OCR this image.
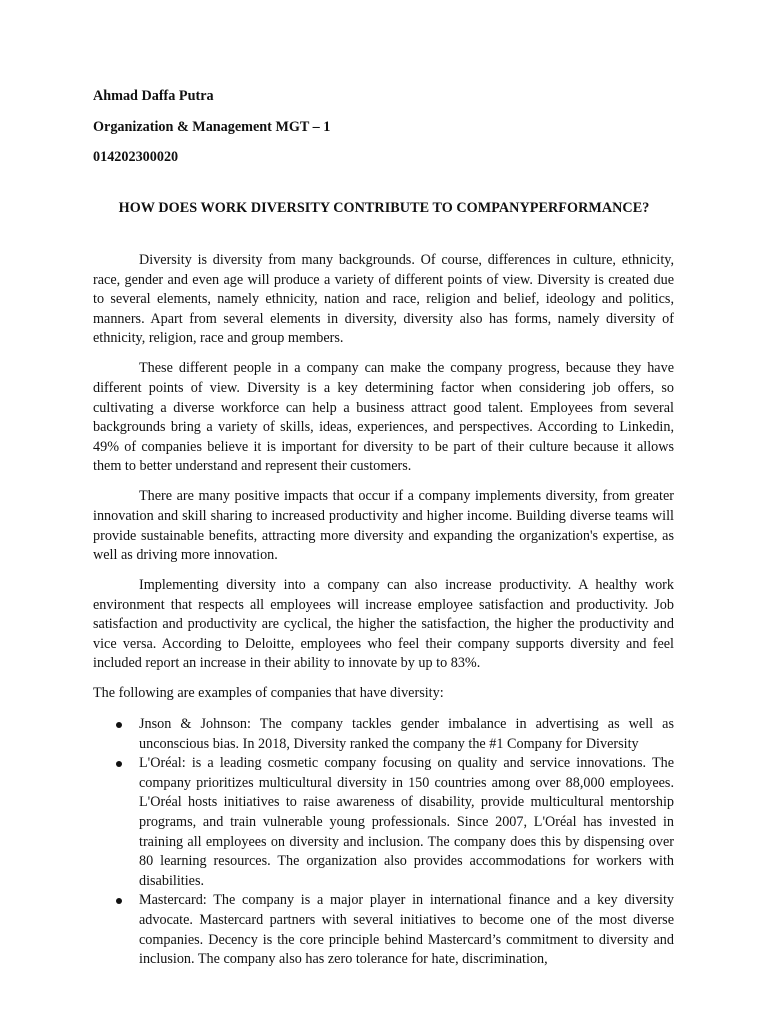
Ahmad Daffa Putra

Organization & Management MGT – 1

014202300020

HOW DOES WORK DIVERSITY CONTRIBUTE TO COMPANYPERFORMANCE?

Diversity is diversity from many backgrounds. Of course, differences in culture, ethnicity, race, gender and even age will produce a variety of different points of view. Diversity is created due to several elements, namely ethnicity, nation and race, religion and belief, ideology and politics, manners. Apart from several elements in diversity, diversity also has forms, namely diversity of ethnicity, religion, race and group members.

These different people in a company can make the company progress, because they have different points of view. Diversity is a key determining factor when considering job offers, so cultivating a diverse workforce can help a business attract good talent. Employees from several backgrounds bring a variety of skills, ideas, experiences, and perspectives. According to Linkedin, 49% of companies believe it is important for diversity to be part of their culture because it allows them to better understand and represent their customers.

There are many positive impacts that occur if a company implements diversity, from greater innovation and skill sharing to increased productivity and higher income. Building diverse teams will provide sustainable benefits, attracting more diversity and expanding the organization's expertise, as well as driving more innovation.

Implementing diversity into a company can also increase productivity. A healthy work environment that respects all employees will increase employee satisfaction and productivity. Job satisfaction and productivity are cyclical, the higher the satisfaction, the higher the productivity and vice versa. According to Deloitte, employees who feel their company supports diversity and feel included report an increase in their ability to innovate by up to 83%.

The following are examples of companies that have diversity:

Jnson & Johnson: The company tackles gender imbalance in advertising as well as unconscious bias. In 2018, Diversity ranked the company the #1 Company for Diversity
L'Oréal: is a leading cosmetic company focusing on quality and service innovations. The company prioritizes multicultural diversity in 150 countries among over 88,000 employees. L'Oréal hosts initiatives to raise awareness of disability, provide multicultural mentorship programs, and train vulnerable young professionals. Since 2007, L'Oréal has invested in training all employees on diversity and inclusion. The company does this by dispensing over 80 learning resources. The organization also provides accommodations for workers with disabilities.
Mastercard: The company is a major player in international finance and a key diversity advocate. Mastercard partners with several initiatives to become one of the most diverse companies. Decency is the core principle behind Mastercard’s commitment to diversity and inclusion. The company also has zero tolerance for hate, discrimination,
